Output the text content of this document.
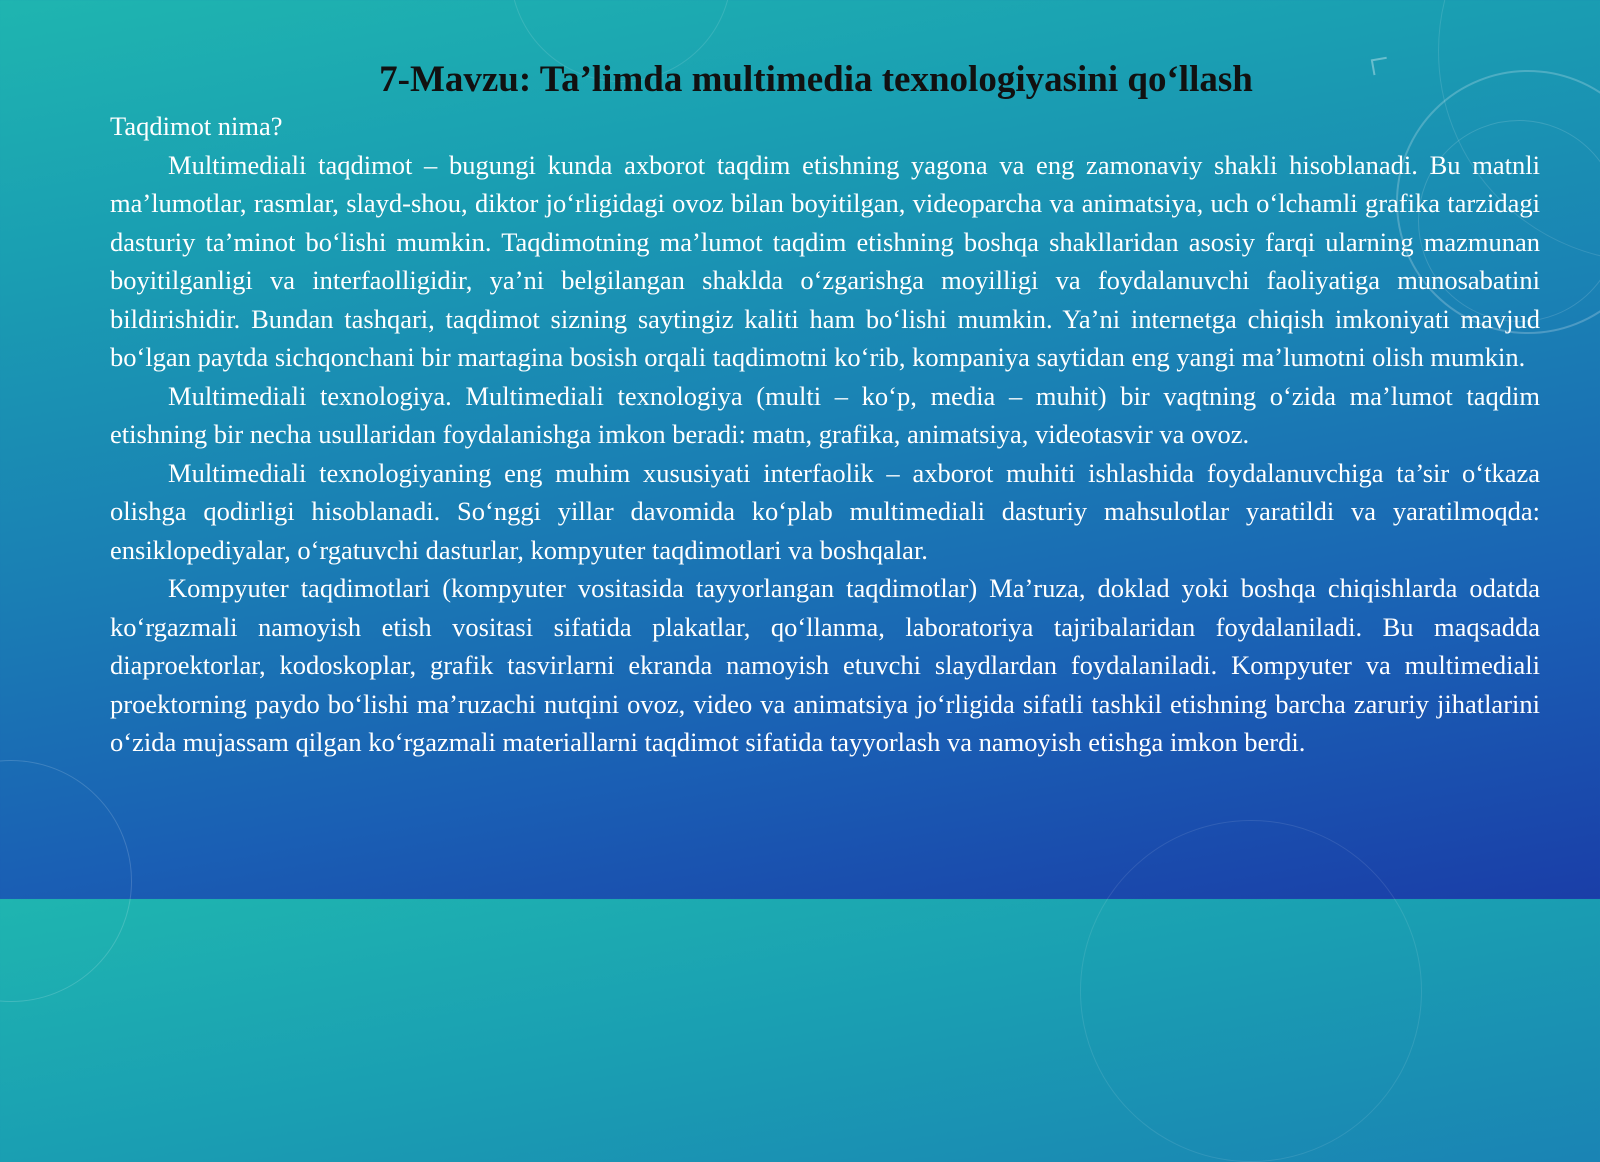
7-Mavzu: Ta’limda multimedia texnologiyasini qo‘llash

Taqdimot nima?

Multimediali taqdimot – bugungi kunda axborot taqdim etishning yagona va eng zamonaviy shakli hisoblanadi. Bu matnli ma’lumotlar, rasmlar, slayd-shou, diktor jo‘rligidagi ovoz bilan boyitilgan, videoparcha va animatsiya, uch o‘lchamli grafika tarzidagi dasturiy ta’minot bo‘lishi mumkin. Taqdimotning ma’lumot taqdim etishning boshqa shakllaridan asosiy farqi ularning mazmunan boyitilganligi va interfaolligidir, ya’ni belgilangan shaklda o‘zgarishga moyilligi va foydalanuvchi faoliyatiga munosabatini bildirishidir. Bundan tashqari, taqdimot sizning saytingiz kaliti ham bo‘lishi mumkin. Ya’ni internetga chiqish imkoniyati mavjud bo‘lgan paytda sichqonchani bir martagina bosish orqali taqdimotni ko‘rib, kompaniya saytidan eng yangi ma’lumotni olish mumkin.

Multimediali texnologiya. Multimediali texnologiya (multi – ko‘p, media – muhit) bir vaqtning o‘zida ma’lumot taqdim etishning bir necha usullaridan foydalanishga imkon beradi: matn, grafika, animatsiya, videotasvir va ovoz.

Multimediali texnologiyaning eng muhim xususiyati interfaolik – axborot muhiti ishlashida foydalanuvchiga ta’sir o‘tkaza olishga qodirligi hisoblanadi. So‘nggi yillar davomida ko‘plab multimediali dasturiy mahsulotlar yaratildi va yaratilmoqda: ensiklopediyalar, o‘rgatuvchi dasturlar, kompyuter taqdimotlari va boshqalar.

Kompyuter taqdimotlari (kompyuter vositasida tayyorlangan taqdimotlar) Ma’ruza, doklad yoki boshqa chiqishlarda odatda ko‘rgazmali namoyish etish vositasi sifatida plakatlar, qo‘llanma, laboratoriya tajribalaridan foydalaniladi. Bu maqsadda diaproektorlar, kodoskoplar, grafik tasvirlarni ekranda namoyish etuvchi slaydlardan foydalaniladi. Kompyuter va multimediali proektorning paydo bo‘lishi ma’ruzachi nutqini ovoz, video va animatsiya jo‘rligida sifatli tashkil etishning barcha zaruriy jihatlarini o‘zida mujassam qilgan ko‘rgazmali materiallarni taqdimot sifatida tayyorlash va namoyish etishga imkon berdi.
